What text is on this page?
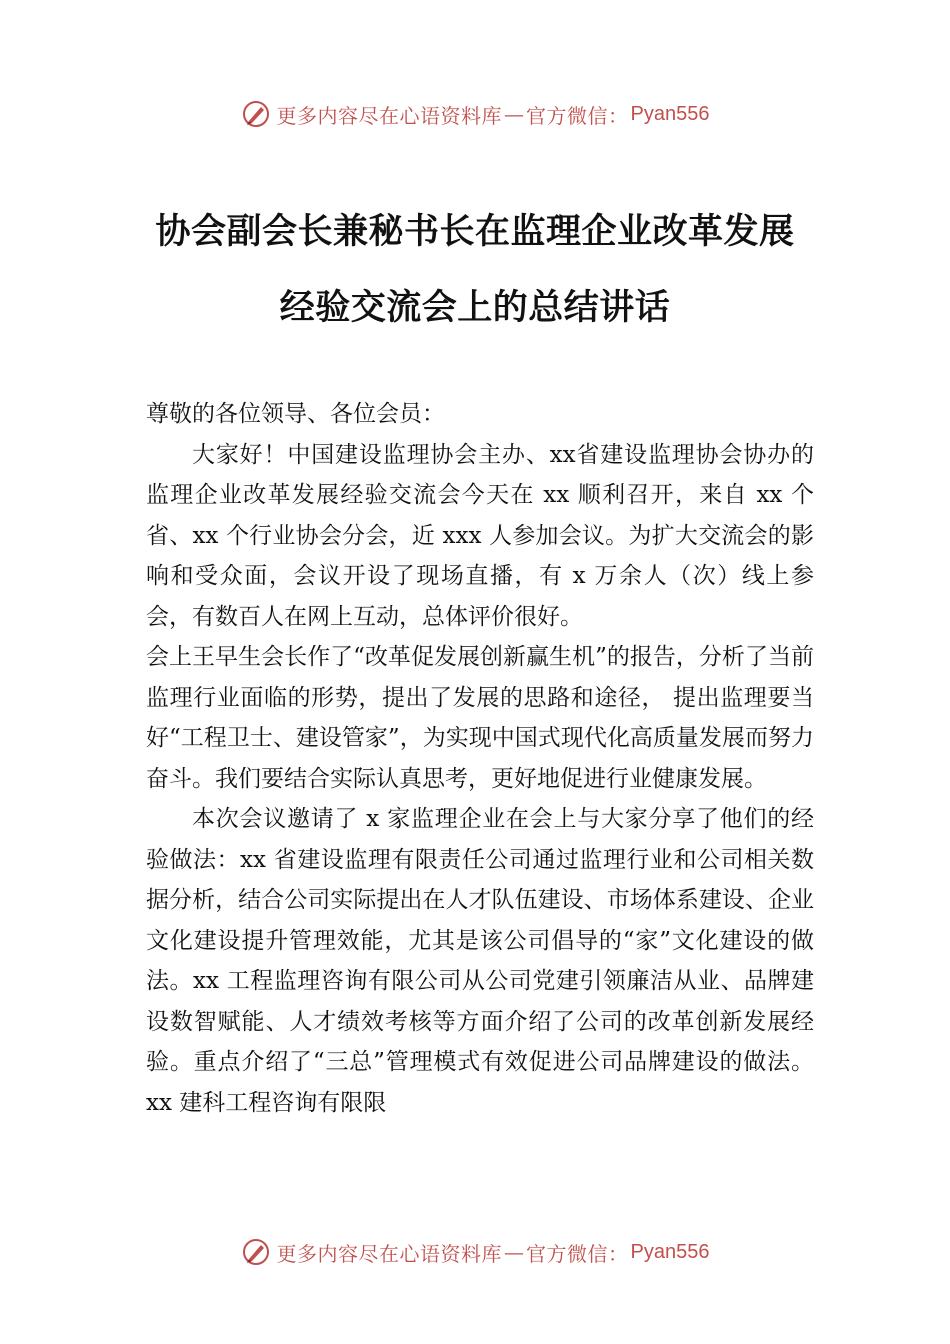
更多内容尽在心语资料库 — 官方微信： Pyan556
协会副会长兼秘书长在监理企业改革发展
经验交流会上的总结讲话

尊敬的各位领导、各位会员：

大家好！中国建设监理协会主办、xx省建设监理协会协办的监理企业改革发展经验交流会今天在 xx 顺利召开，来自 xx 个省、xx 个行业协会分会，近 xxx 人参加会议。为扩大交流会的影响和受众面，会议开设了现场直播，有 x 万余人（次）线上参会，有数百人在网上互动，总体评价很好。

会上王早生会长作了“改革促发展创新赢生机”的报告，分析了当前监理行业面临的形势，提出了发展的思路和途径， 提出监理要当好“工程卫士、建设管家”，为实现中国式现代化高质量发展而努力奋斗。我们要结合实际认真思考，更好地促进行业健康发展。

本次会议邀请了 x 家监理企业在会上与大家分享了他们的经验做法：xx 省建设监理有限责任公司通过监理行业和公司相关数据分析，结合公司实际提出在人才队伍建设、市场体系建设、企业文化建设提升管理效能，尤其是该公司倡导的“家”文化建设的做法。xx 工程监理咨询有限公司从公司党建引领廉洁从业、品牌建设数智赋能、人才绩效考核等方面介绍了公司的改革创新发展经验。重点介绍了“三总”管理模式有效促进公司品牌建设的做法。xx 建科工程咨询有限限

更多内容尽在心语资料库 — 官方微信： Pyan556
